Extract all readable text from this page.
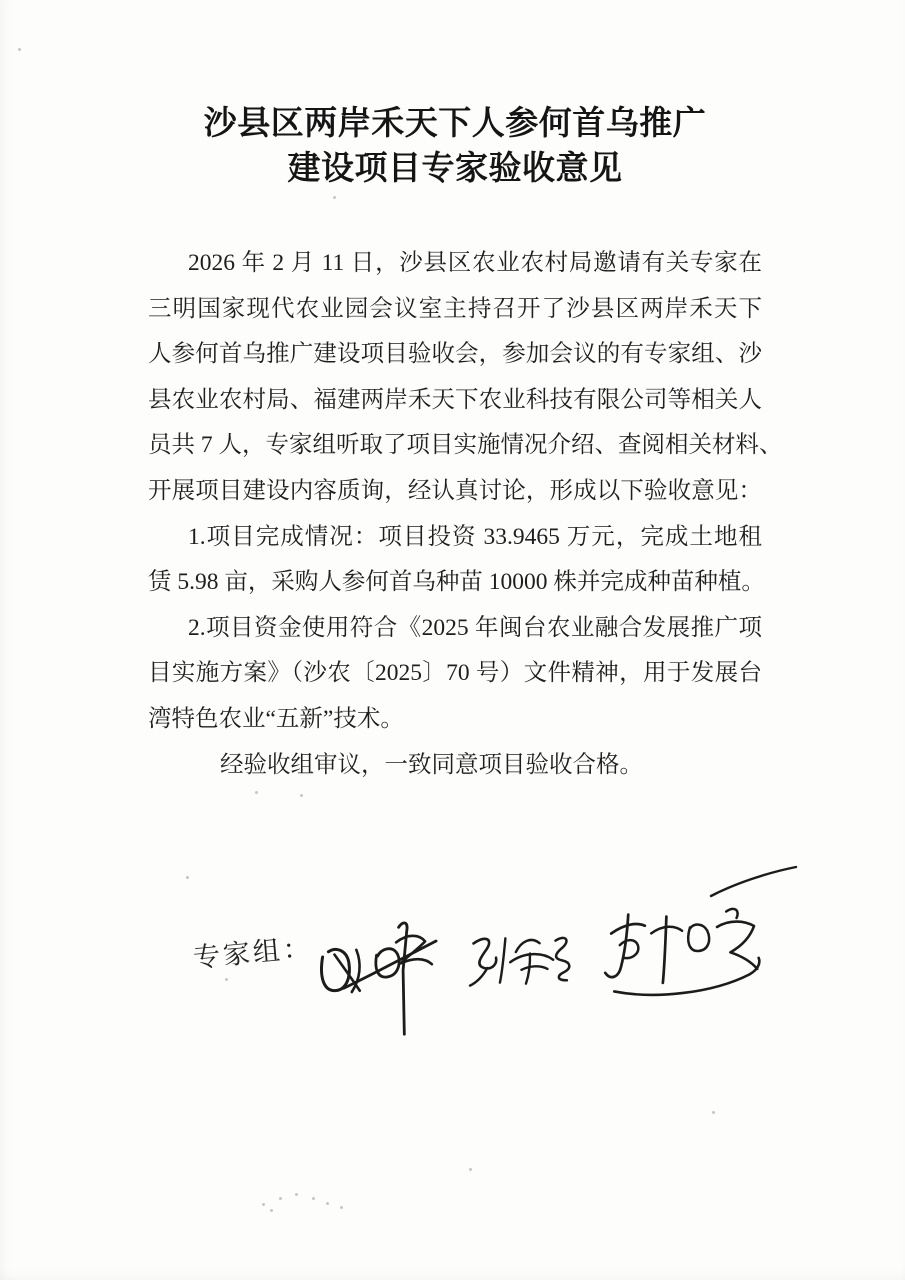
沙县区两岸禾天下人参何首乌推广
建设项目专家验收意见
2026 年 2 月 11 日，沙县区农业农村局邀请有关专家在
三明国家现代农业园会议室主持召开了沙县区两岸禾天下
人参何首乌推广建设项目验收会，参加会议的有专家组、沙
县农业农村局、福建两岸禾天下农业科技有限公司等相关人
员共 7 人，专家组听取了项目实施情况介绍、查阅相关材料、
开展项目建设内容质询，经认真讨论，形成以下验收意见：
1.项目完成情况：项目投资 33.9465 万元，完成土地租
赁 5.98 亩，采购人参何首乌种苗 10000 株并完成种苗种植。
2.项目资金使用符合《2025 年闽台农业融合发展推广项
目实施方案》（沙农〔2025〕70 号）文件精神，用于发展台
湾特色农业“五新”技术。
经验收组审议，一致同意项目验收合格。
专家组：
